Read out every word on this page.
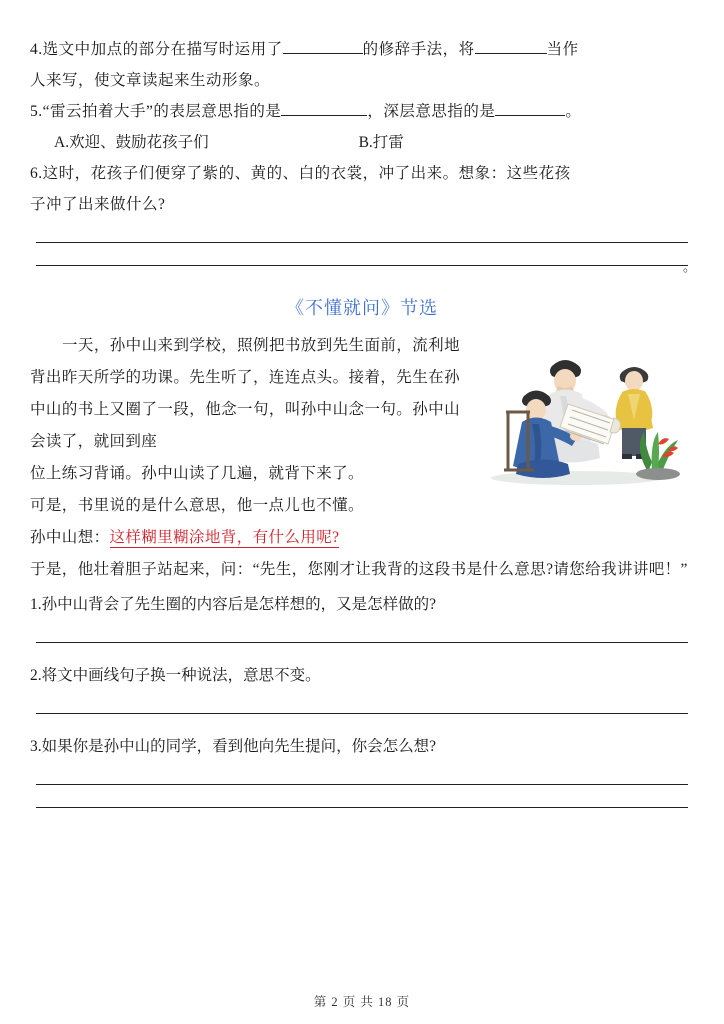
4.选文中加点的部分在描写时运用了	的修辞手法，将	当作
人来写，使文章读起来生动形象。
5.“雷云拍着大手”的表层意思指的是	，深层意思指的是	。
A.欢迎、鼓励花孩子们	B.打雷
6.这时，花孩子们便穿了紫的、黄的、白的衣裳，冲了出来。想象：这些花孩
子冲了出来做什么?
。
《不懂就问》节选
一天，孙中山来到学校，照例把书放到先生面前，流利地背出昨天所学的功课。先生听了，连连点头。接着，先生在孙中山的书上又圈了一段，他念一句，叫孙中山念一句。孙中山会读了，就回到座
位上练习背诵。孙中山读了几遍，就背下来了。
可是，书里说的是什么意思，他一点儿也不懂。
孙中山想：这样糊里糊涂地背，有什么用呢?
于是，他壮着胆子站起来，问：“先生，您刚才让我背的这段书是什么意思?请您给我讲讲吧！”
1.孙中山背会了先生圈的内容后是怎样想的，又是怎样做的?
2.将文中画线句子换一种说法，意思不变。
3.如果你是孙中山的同学，看到他向先生提问，你会怎么想?
第 2 页 共 18 页
